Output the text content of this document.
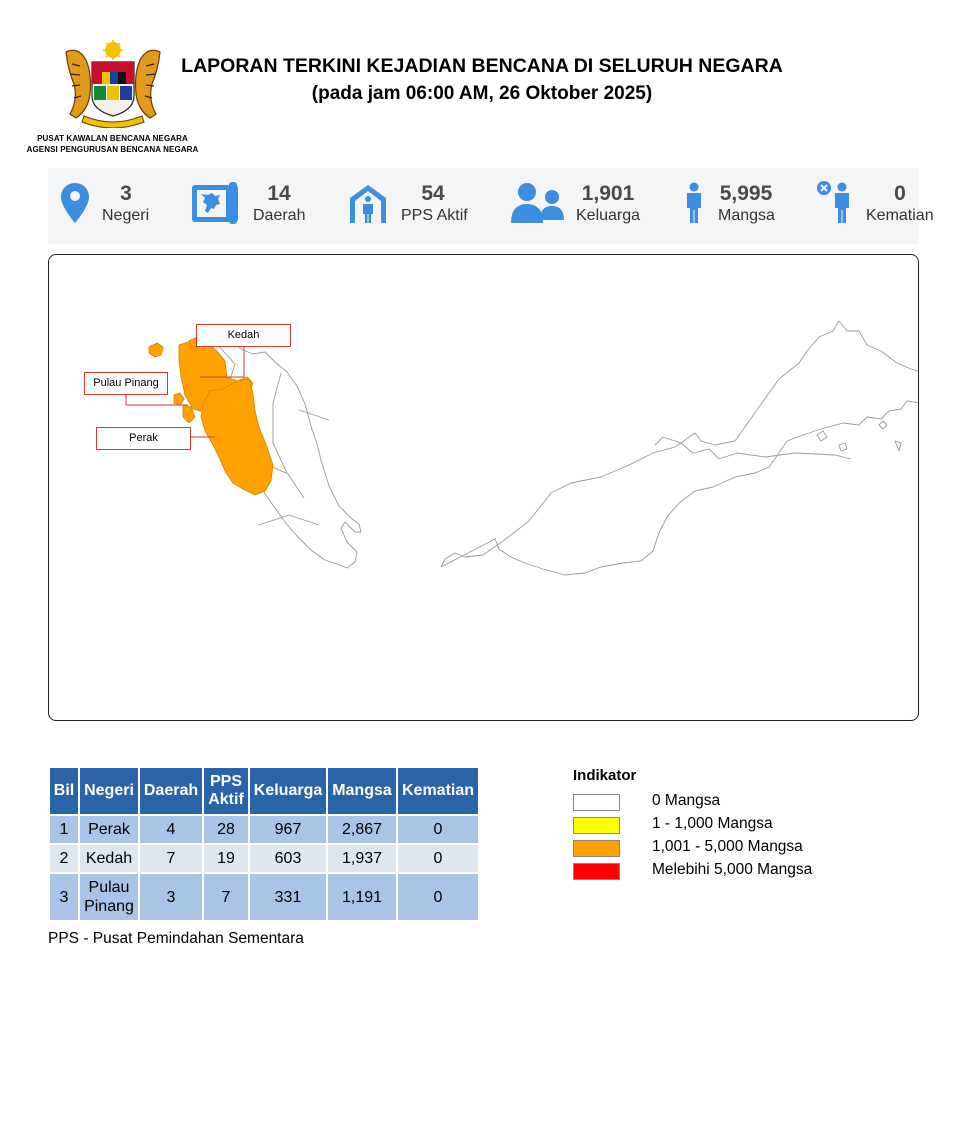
PUSAT KAWALAN BENCANA NEGARA
AGENSI PENGURUSAN BENCANA NEGARA
LAPORAN TERKINI KEJADIAN BENCANA DI SELURUH NEGARA
(pada jam 06:00 AM, 26 Oktober 2025)
3
Negeri
14
Daerah
54
PPS Aktif
1,901
Keluarga
5,995
Mangsa
0
Kematian
Kedah
Pulau Pinang
Perak
Bil	Negeri	Daerah	PPS Aktif	Keluarga	Mangsa	Kematian
1	Perak	4	28	967	2,867	0
2	Kedah	7	19	603	1,937	0
3	Pulau Pinang	3	7	331	1,191	0
PPS - Pusat Pemindahan Sementara
Indikator
0 Mangsa
1 - 1,000 Mangsa
1,001 - 5,000 Mangsa
Melebihi 5,000 Mangsa
